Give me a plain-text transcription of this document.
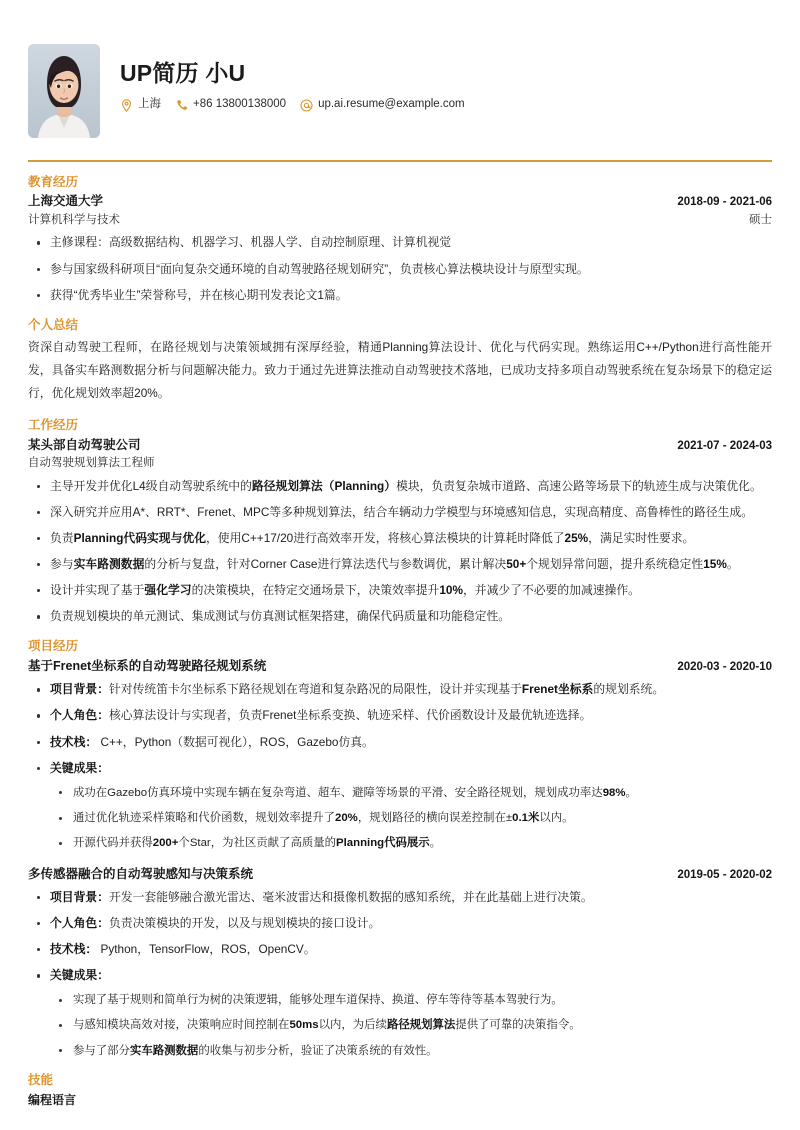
UP简历 小U
上海	+86 13800138000	up.ai.resume@example.com
教育经历
上海交通大学	2018-09 - 2021-06
计算机科学与技术	硕士
主修课程：高级数据结构、机器学习、机器人学、自动控制原理、计算机视觉
参与国家级科研项目“面向复杂交通环境的自动驾驶路径规划研究”，负责核心算法模块设计与原型实现。
获得“优秀毕业生”荣誉称号，并在核心期刊发表论文1篇。
个人总结
资深自动驾驶工程师，在路径规划与决策领域拥有深厚经验，精通Planning算法设计、优化与代码实现。熟练运用C++/Python进行高性能开发，具备实车路测数据分析与问题解决能力。致力于通过先进算法推动自动驾驶技术落地，已成功支持多项自动驾驶系统在复杂场景下的稳定运行，优化规划效率超20%。
工作经历
某头部自动驾驶公司	2021-07 - 2024-03
自动驾驶规划算法工程师
主导开发并优化L4级自动驾驶系统中的路径规划算法（Planning）模块，负责复杂城市道路、高速公路等场景下的轨迹生成与决策优化。
深入研究并应用A*、RRT*、Frenet、MPC等多种规划算法，结合车辆动力学模型与环境感知信息，实现高精度、高鲁棒性的路径生成。
负责Planning代码实现与优化，使用C++17/20进行高效率开发，将核心算法模块的计算耗时降低了25%，满足实时性要求。
参与实车路测数据的分析与复盘，针对Corner Case进行算法迭代与参数调优，累计解决50+个规划异常问题，提升系统稳定性15%。
设计并实现了基于强化学习的决策模块，在特定交通场景下，决策效率提升10%，并减少了不必要的加减速操作。
负责规划模块的单元测试、集成测试与仿真测试框架搭建，确保代码质量和功能稳定性。
项目经历
基于Frenet坐标系的自动驾驶路径规划系统	2020-03 - 2020-10
项目背景：针对传统笛卡尔坐标系下路径规划在弯道和复杂路况的局限性，设计并实现基于Frenet坐标系的规划系统。
个人角色：核心算法设计与实现者，负责Frenet坐标系变换、轨迹采样、代价函数设计及最优轨迹选择。
技术栈： C++，Python（数据可视化），ROS，Gazebo仿真。
关键成果：
成功在Gazebo仿真环境中实现车辆在复杂弯道、超车、避障等场景的平滑、安全路径规划，规划成功率达98%。
通过优化轨迹采样策略和代价函数，规划效率提升了20%，规划路径的横向误差控制在±0.1米以内。
开源代码并获得200+个Star，为社区贡献了高质量的Planning代码展示。
多传感器融合的自动驾驶感知与决策系统	2019-05 - 2020-02
项目背景：开发一套能够融合激光雷达、毫米波雷达和摄像机数据的感知系统，并在此基础上进行决策。
个人角色：负责决策模块的开发，以及与规划模块的接口设计。
技术栈： Python，TensorFlow，ROS，OpenCV。
关键成果：
实现了基于规则和简单行为树的决策逻辑，能够处理车道保持、换道、停车等待等基本驾驶行为。
与感知模块高效对接，决策响应时间控制在50ms以内，为后续路径规划算法提供了可靠的决策指令。
参与了部分实车路测数据的收集与初步分析，验证了决策系统的有效性。
技能
编程语言
